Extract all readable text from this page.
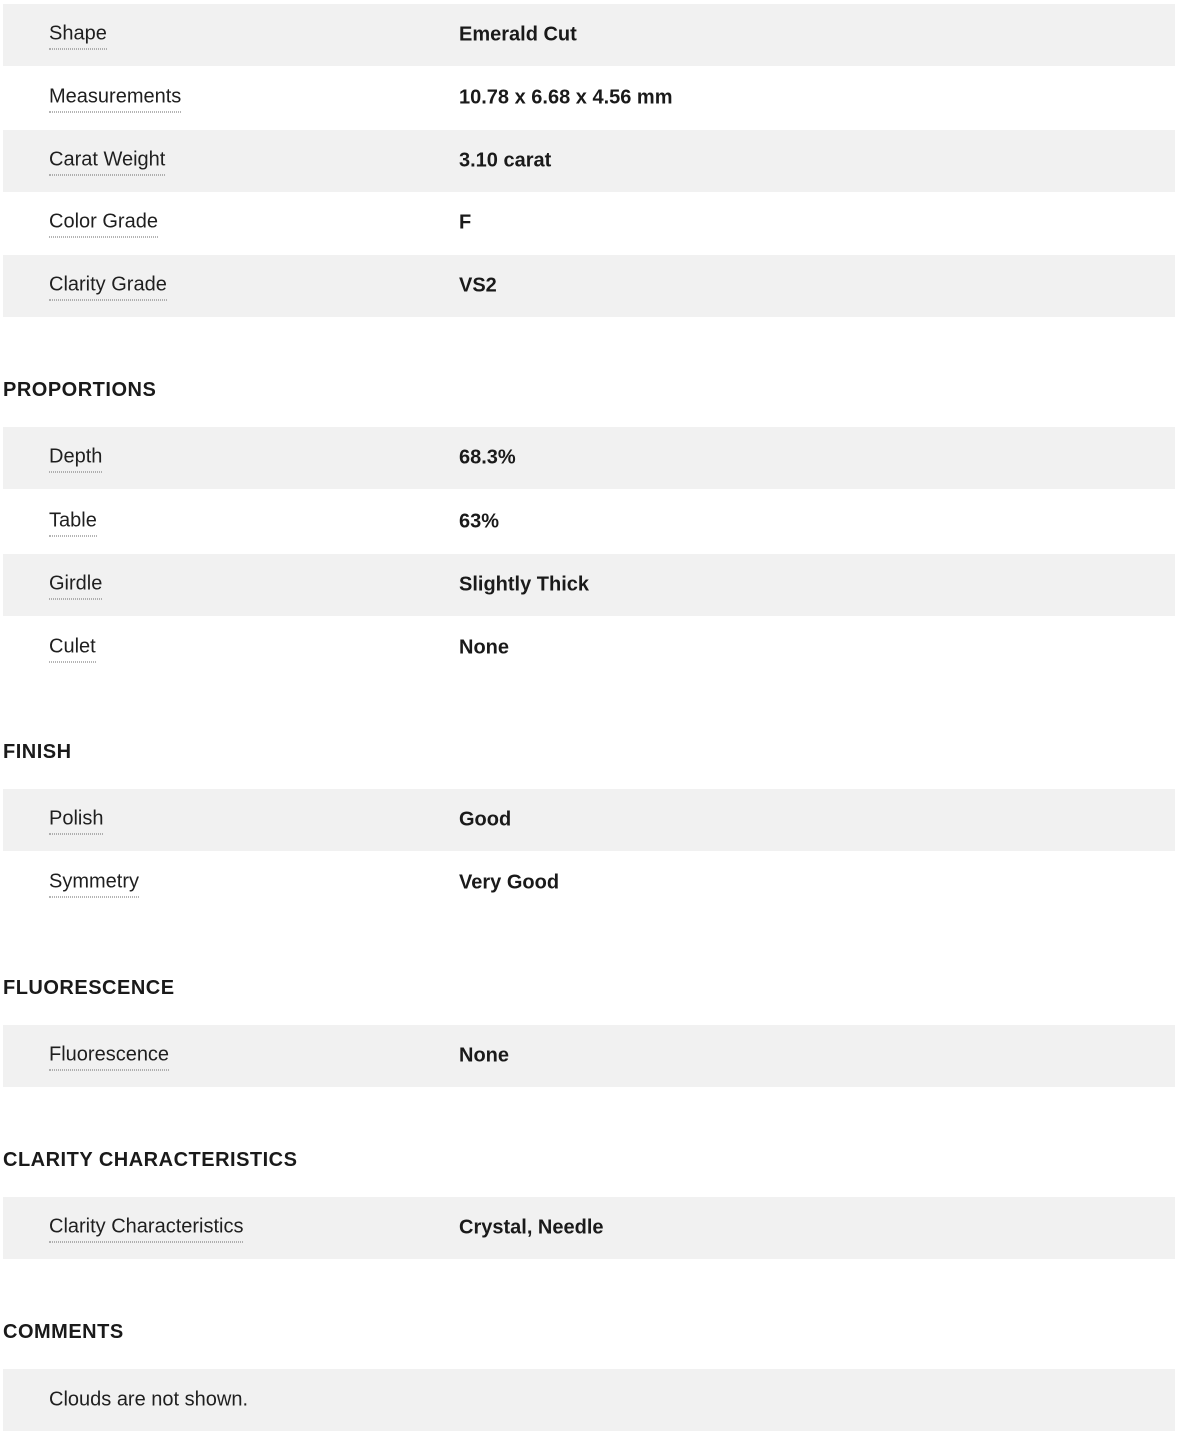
Shape	Emerald Cut
Measurements	10.78 x 6.68 x 4.56 mm
Carat Weight	3.10 carat
Color Grade	F
Clarity Grade	VS2
PROPORTIONS
Depth	68.3%
Table	63%
Girdle	Slightly Thick
Culet	None
FINISH
Polish	Good
Symmetry	Very Good
FLUORESCENCE
Fluorescence	None
CLARITY CHARACTERISTICS
Clarity Characteristics	Crystal, Needle
COMMENTS
Clouds are not shown.
